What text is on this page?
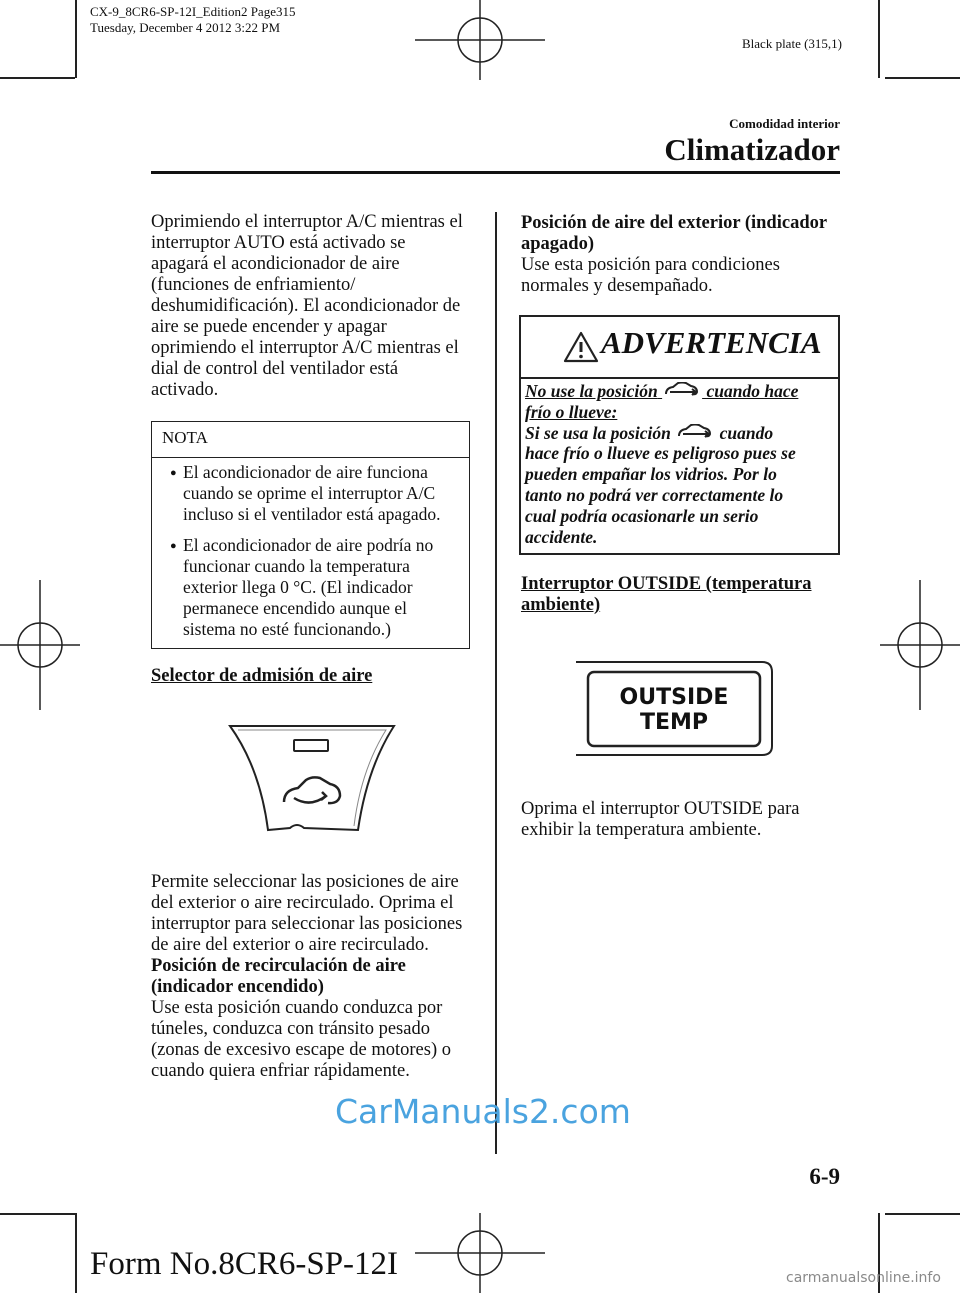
CX-9_8CR6-SP-12I_Edition2 Page315
Tuesday, December 4 2012 3:22 PM
Black plate (315,1)
Comodidad interior
Climatizador
Oprimiendo el interruptor A/C mientras el
interruptor AUTO está activado se
apagará el acondicionador de aire
(funciones de enfriamiento/
deshumidificación). El acondicionador de
aire se puede encender y apagar
oprimiendo el interruptor A/C mientras el
dial de control del ventilador está
activado.
NOTA
● El acondicionador de aire funciona
cuando se oprime el interruptor A/C
incluso si el ventilador está apagado.
● El acondicionador de aire podría no
funcionar cuando la temperatura
exterior llega 0 °C. (El indicador
permanece encendido aunque el
sistema no esté funcionando.)
Selector de admisión de aire
Permite seleccionar las posiciones de aire
del exterior o aire recirculado. Oprima el
interruptor para seleccionar las posiciones
de aire del exterior o aire recirculado.
Posición de recirculación de aire
(indicador encendido)
Use esta posición cuando conduzca por
túneles, conduzca con tránsito pesado
(zonas de excesivo escape de motores) o
cuando quiera enfriar rápidamente.
Posición de aire del exterior (indicador
apagado)
Use esta posición para condiciones
normales y desempañado.
ADVERTENCIA
No use la posición	cuando hace
frío o llueve:
Si se usa la posición	cuando
hace frío o llueve es peligroso pues se
pueden empañar los vidrios. Por lo
tanto no podrá ver correctamente lo
cual podría ocasionarle un serio
accidente.
Interruptor OUTSIDE (temperatura
ambiente)
OUTSIDE
TEMP
Oprima el interruptor OUTSIDE para
exhibir la temperatura ambiente.
CarManuals2.com
6-9
Form No.8CR6-SP-12I	carmanualsonline.info
